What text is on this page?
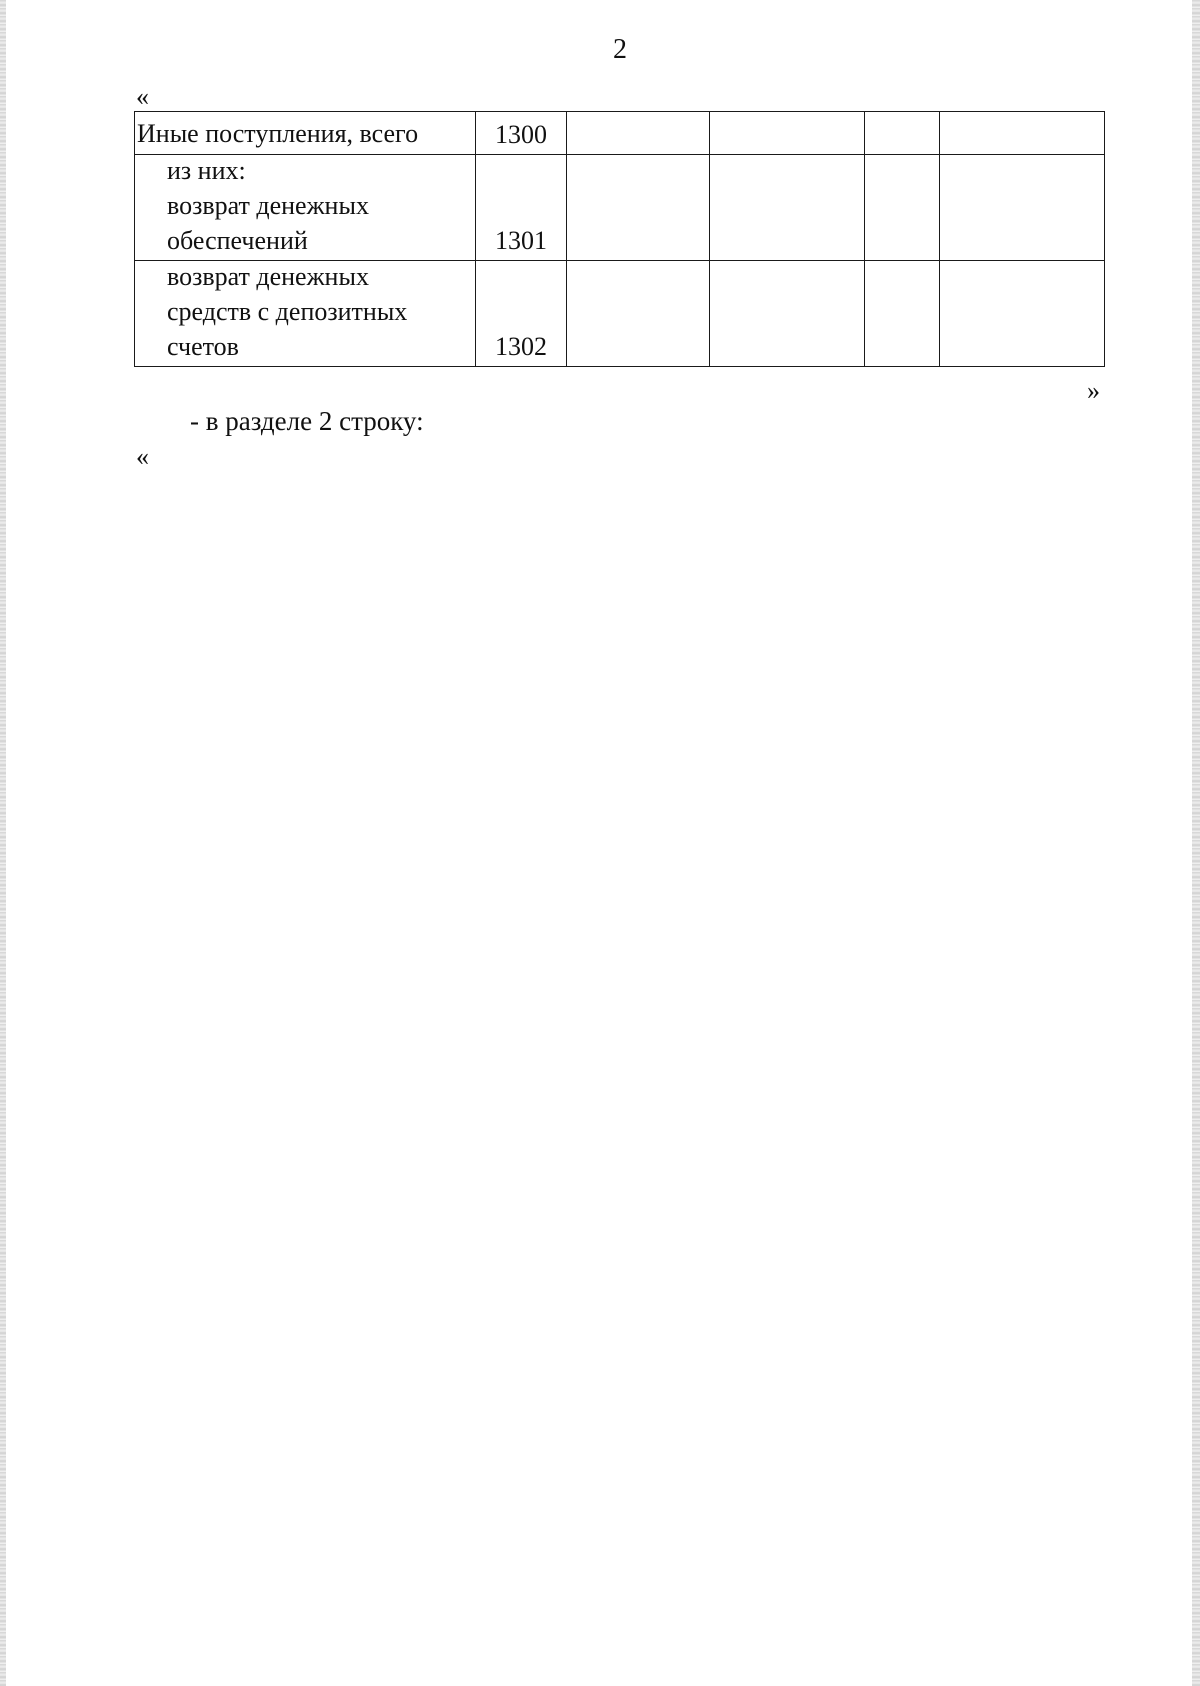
2
«
Иные поступления, всего	1300				

из них:
возврат денежных
обеспечений	1301				

возврат денежных
средств с депозитных
счетов	1302				

»
- в разделе 2 строку:
«
